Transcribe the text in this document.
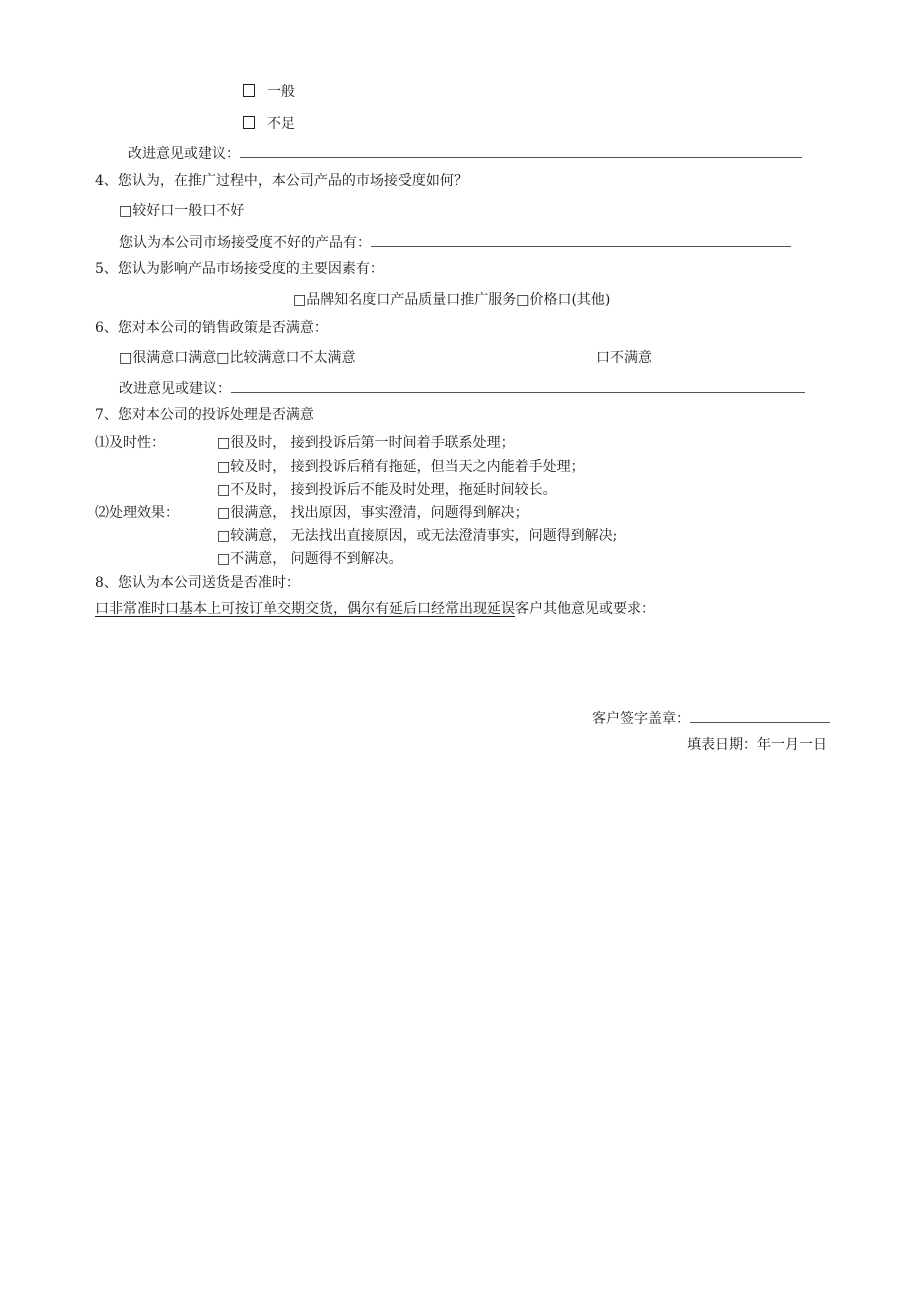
一般
不足
改进意见或建议：
4、您认为，在推广过程中，本公司产品的市场接受度如何？
□较好口一般口不好
您认为本公司市场接受度不好的产品有：
5、您认为影响产品市场接受度的主要因素有：
□品牌知名度口产品质量口推广服务□价格口(其他)
6、您对本公司的销售政策是否满意：
□很满意口满意□比较满意口不太满意	口不满意
改进意见或建议：
7、您对本公司的投诉处理是否满意
⑴及时性：	□很及时， 接到投诉后第一时间着手联系处理；
□较及时， 接到投诉后稍有拖延，但当天之内能着手处理；
□不及时， 接到投诉后不能及时处理，拖延时间较长。
⑵处理效果：	□很满意， 找出原因，事实澄清，问题得到解决；
□较满意， 无法找出直接原因，或无法澄清事实，问题得到解决;
□不满意， 问题得不到解决。
8、您认为本公司送货是否准时：
口非常准时口基本上可按订单交期交货，偶尔有延后口经常出现延误客户其他意见或要求：
客户签字盖章：
填表日期：年一月一日
